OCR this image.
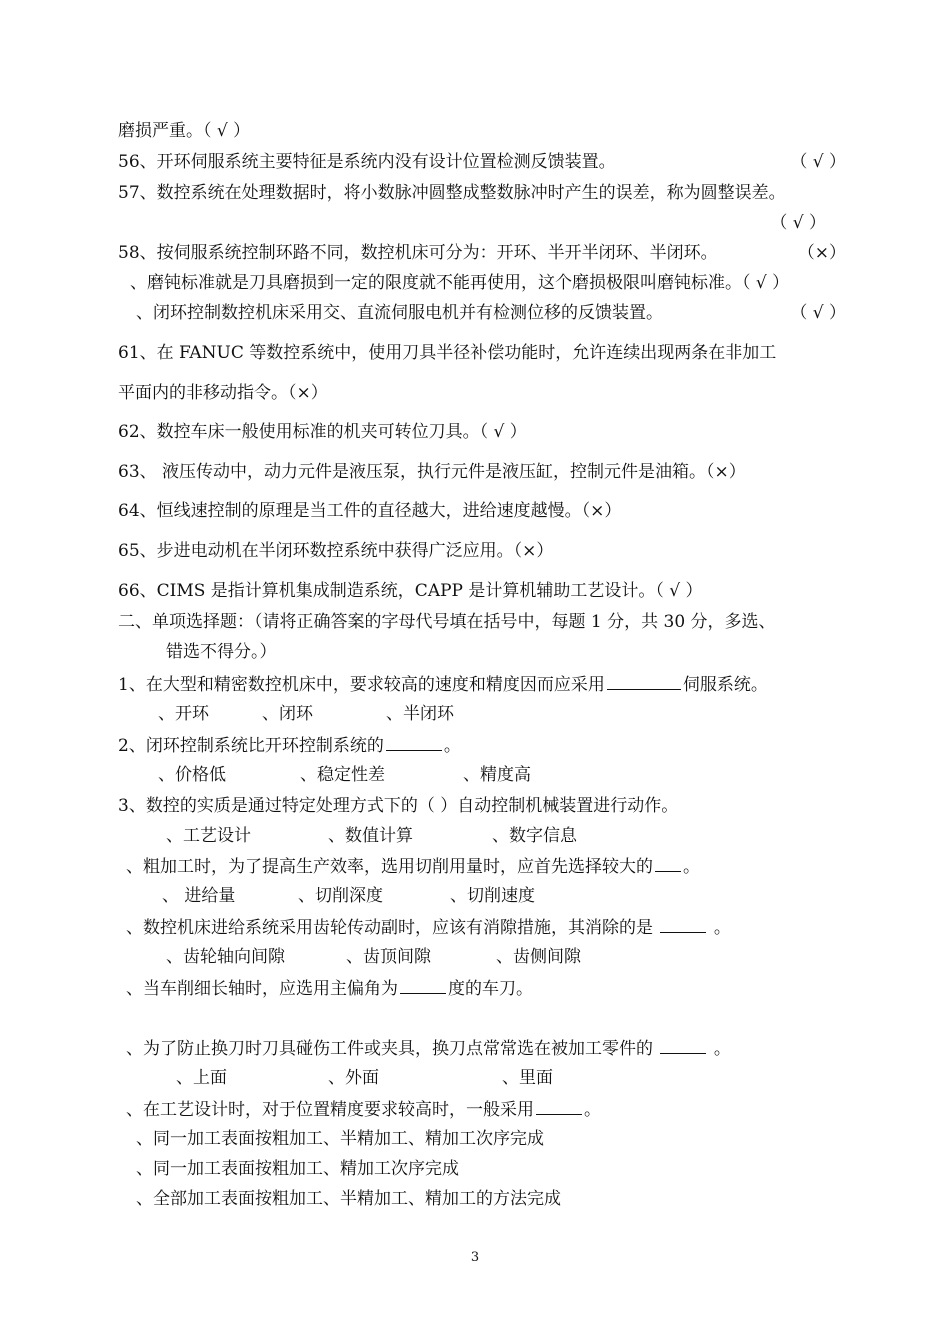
磨损严重。（ √ ）
56、开环伺服系统主要特征是系统内没有设计位置检测反馈装置。	（ √ ）
57、数控系统在处理数据时，将小数脉冲圆整成整数脉冲时产生的误差，称为圆整误差。
（ √ ）
58、按伺服系统控制环路不同，数控机床可分为：开环、半开半闭环、半闭环。	（×）
、磨钝标准就是刀具磨损到一定的限度就不能再使用，这个磨损极限叫磨钝标准。（ √ ）
、闭环控制数控机床采用交、直流伺服电机并有检测位移的反馈装置。	（ √ ）
61、在 FANUC 等数控系统中，使用刀具半径补偿功能时，允许连续出现两条在非加工
平面内的非移动指令。（×）
62、数控车床一般使用标准的机夹可转位刀具。（ √ ）
63、 液压传动中，动力元件是液压泵，执行元件是液压缸，控制元件是油箱。（×）
64、恒线速控制的原理是当工件的直径越大，进给速度越慢。（×）
65、步进电动机在半闭环数控系统中获得广泛应用。（×）
66、CIMS 是指计算机集成制造系统，CAPP 是计算机辅助工艺设计。（ √ ）
二、单项选择题：（请将正确答案的字母代号填在括号中，每题 1 分，共 30 分，多选、
错选不得分。）
1、在大型和精密数控机床中，要求较高的速度和精度因而应采用	伺服系统。
、开环	、闭环	、半闭环
2、闭环控制系统比开环控制系统的	。
、价格低	、稳定性差	、精度高
3、数控的实质是通过特定处理方式下的（ ）自动控制机械装置进行动作。
、工艺设计	、数值计算	、数字信息
、粗加工时，为了提高生产效率，选用切削用量时，应首先选择较大的 。
、 进给量	、切削深度	、切削速度
、数控机床进给系统采用齿轮传动副时，应该有消隙措施，其消除的是	。
、齿轮轴向间隙	、齿顶间隙	、齿侧间隙
、当车削细长轴时，应选用主偏角为	度的车刀。
、为了防止换刀时刀具碰伤工件或夹具，换刀点常常选在被加工零件的	。
、上面	、外面	、里面
、在工艺设计时，对于位置精度要求较高时，一般采用	。
、同一加工表面按粗加工、半精加工、精加工次序完成
、同一加工表面按粗加工、精加工次序完成
、全部加工表面按粗加工、半精加工、精加工的方法完成
3
